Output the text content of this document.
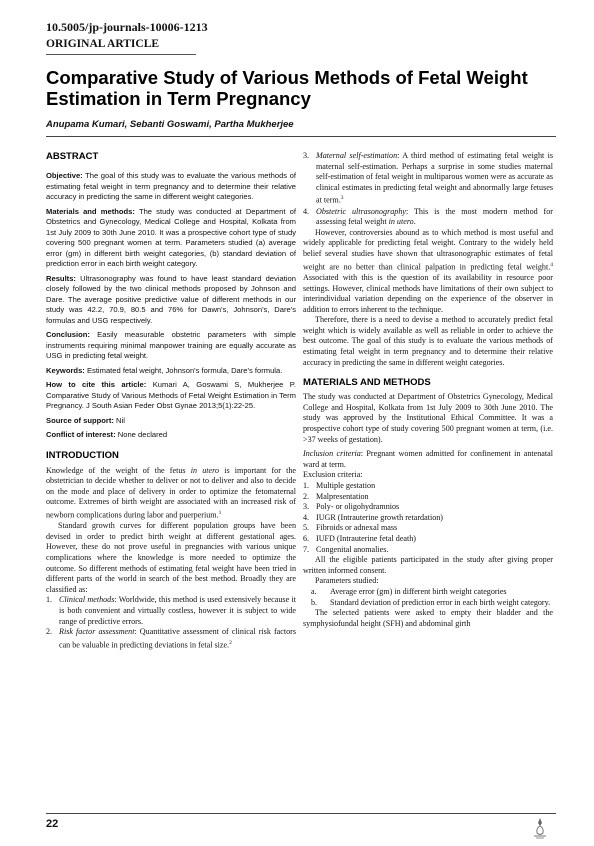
10.5005/jp-journals-10006-1213
ORIGINAL ARTICLE
Comparative Study of Various Methods of Fetal Weight Estimation in Term Pregnancy
Anupama Kumari, Sebanti Goswami, Partha Mukherjee

ABSTRACT

Objective: The goal of this study was to evaluate the various methods of estimating fetal weight in term pregnancy and to determine their relative accuracy in predicting the same in different weight categories.

Materials and methods: The study was conducted at Department of Obstetrics and Gynecology, Medical College and Hospital, Kolkata from 1st July 2009 to 30th June 2010. It was a prospective cohort type of study covering 500 pregnant women at term. Parameters studied (a) average error (gm) in different birth weight categories, (b) standard deviation of prediction error in each birth weight category.

Results: Ultrasonography was found to have least standard deviation closely followed by the two clinical methods proposed by Johnson and Dare. The average positive predictive value of different methods in our study was 42.2, 70.9, 80.5 and 76% for Dawn's, Johnson's, Dare's formulas and USG respectively.

Conclusion: Easily measurable obstetric parameters with simple instruments requiring minimal manpower training are equally accurate as USG in predicting fetal weight.

Keywords: Estimated fetal weight, Johnson's formula, Dare's formula.

How to cite this article: Kumari A, Goswami S, Mukherjee P. Comparative Study of Various Methods of Fetal Weight Estimation in Term Pregnancy. J South Asian Feder Obst Gynae 2013;5(1):22-25.

Source of support: Nil

Conflict of interest: None declared

INTRODUCTION

Knowledge of the weight of the fetus in utero is important for the obstetrician to decide whether to deliver or not to deliver and also to decide on the mode and place of delivery in order to optimize the fetomaternal outcome. Extremes of birth weight are associated with an increased risk of newborn complications during labor and puerperium.$^1$

Standard growth curves for different population groups have been devised in order to predict birth weight at different gestational ages. However, these do not prove useful in pregnancies with various unique complications where the knowledge is more needed to optimize the outcome. So different methods of estimating fetal weight have been tried in different parts of the world in search of the best method. Broadly they are classified as:

1. Clinical methods: Worldwide, this method is used extensively because it is both convenient and virtually costless, however it is subject to wide range of predictive errors.
2. Risk factor assessment: Quantitative assessment of clinical risk factors can be valuable in predicting deviations in fetal size.$^2$
3. Maternal self-estimation: A third method of estimating fetal weight is maternal self-estimation. Perhaps a surprise in some studies maternal self-estimation of fetal weight in multiparous women were as accurate as clinical estimates in predicting fetal weight and abnormally large fetuses at term.$^3$
4. Obstetric ultrasonography: This is the most modern method for assessing fetal weight in utero.

However, controversies abound as to which method is most useful and widely applicable for predicting fetal weight. Contrary to the widely held belief several studies have shown that ultrasonographic estimates of fetal weight are no better than clinical palpation in predicting fetal weight.$^4$ Associated with this is the question of its availability in resource poor settings. However, clinical methods have limitations of their own subject to interindividual variation depending on the experience of the observer in addition to errors inherent to the technique.

Therefore, there is a need to devise a method to accurately predict fetal weight which is widely available as well as reliable in order to achieve the best outcome. The goal of this study is to evaluate the various methods of estimating fetal weight in term pregnancy and to determine their relative accuracy in predicting the same in different weight categories.

MATERIALS AND METHODS

The study was conducted at Department of Obstetrics Gynecology, Medical College and Hospital, Kolkata from 1st July 2009 to 30th June 2010. The study was approved by the Institutional Ethical Committee. It was a prospective cohort type of study covering 500 pregnant women at term, (i.e. >37 weeks of gestation).

Inclusion criteria: Pregnant women admitted for confinement in antenatal ward at term.

Exclusion criteria:

1. Multiple gestation
2. Malpresentation
3. Poly- or oligohydramnios
4. IUGR (Intrauterine growth retardation)
5. Fibroids or adnexal mass
6. IUFD (Intrauterine fetal death)
7. Congenital anomalies.

All the eligible patients participated in the study after giving proper written informed consent.

Parameters studied:

a. Average error (gm) in different birth weight categories
b. Standard deviation of prediction error in each birth weight category.

The selected patients were asked to empty their bladder and the symphysiofundal height (SFH) and abdominal girth

22
